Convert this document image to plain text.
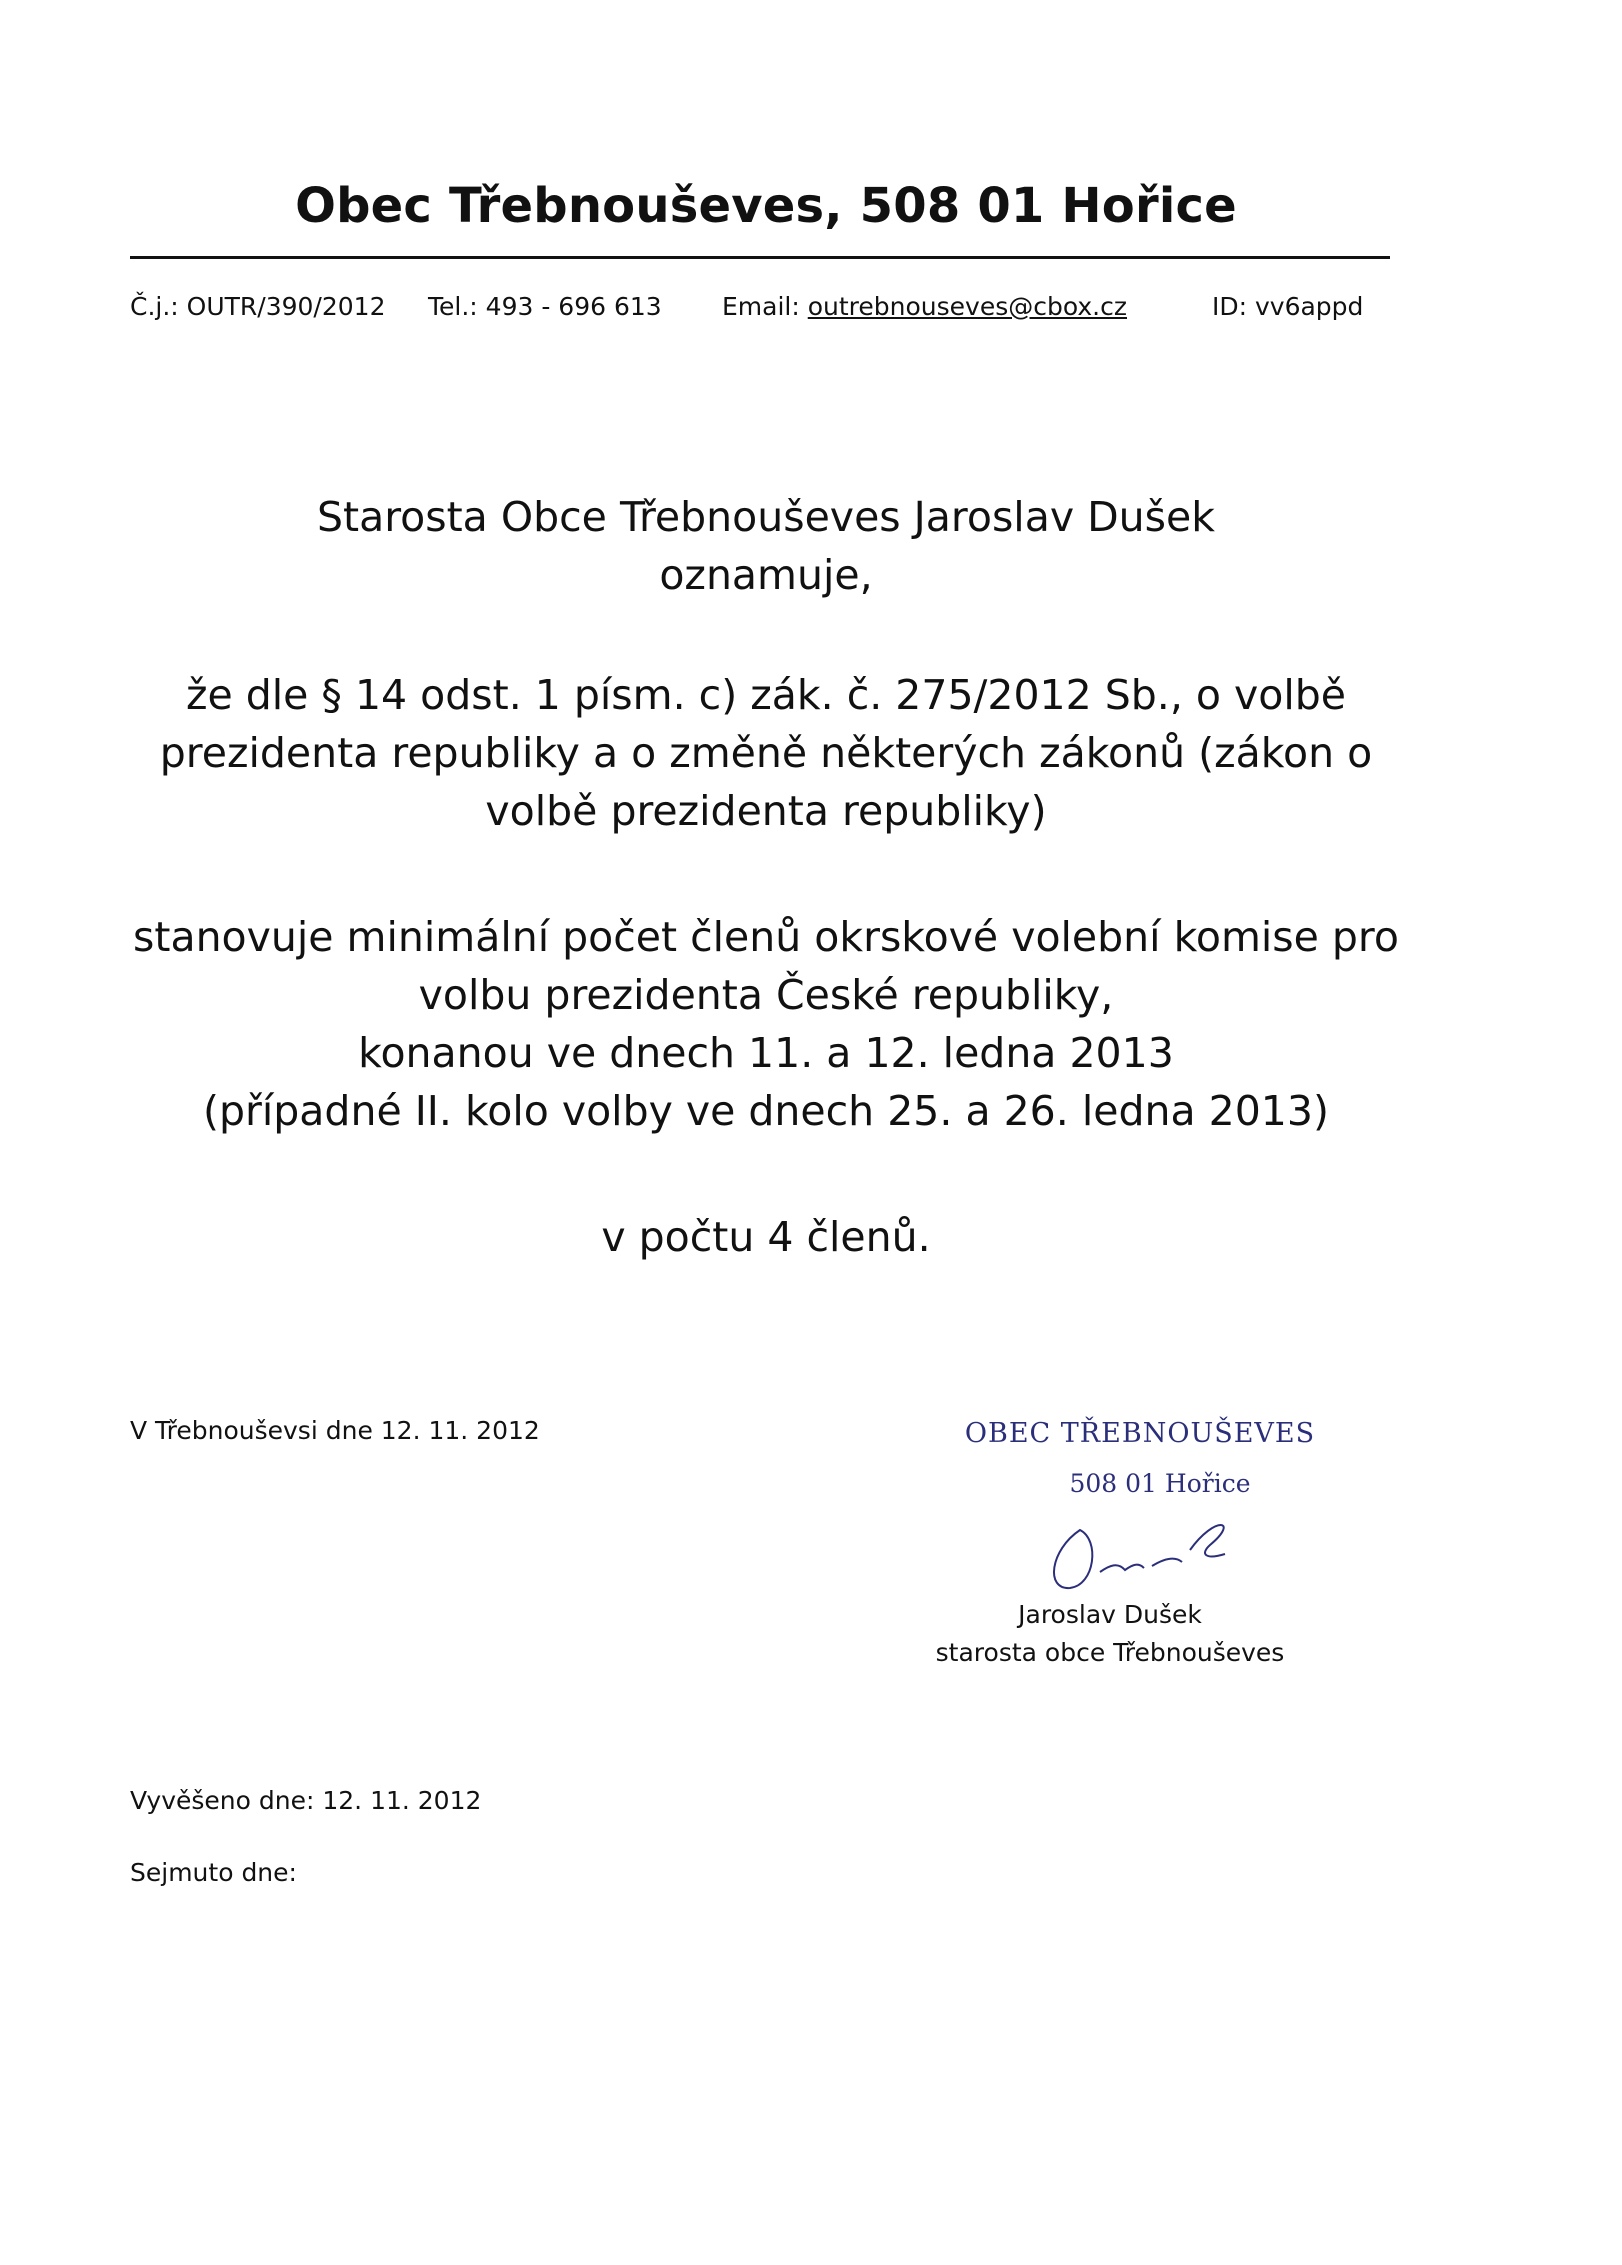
Obec Třebnouševes, 508 01 Hořice
Č.j.: OUTR/390/2012 Tel.: 493 - 696 613 Email: outrebnouseves@cbox.cz	ID: vv6appd
Starosta Obce Třebnouševes Jaroslav Dušek
oznamuje,
že dle § 14 odst. 1 písm. c) zák. č. 275/2012 Sb., o volbě
prezidenta republiky a o změně některých zákonů (zákon o
volbě prezidenta republiky)
stanovuje minimální počet členů okrskové volební komise pro
volbu prezidenta České republiky,
konanou ve dnech 11. a 12. ledna 2013
(případné II. kolo volby ve dnech 25. a 26. ledna 2013)
v počtu 4 členů.
V Třebnouševsi dne 12. 11. 2012	OBEC TŘEBNOUŠEVES
508 01 Hořice
Jaroslav Dušek
starosta obce Třebnouševes
Vyvěšeno dne: 12. 11. 2012
Sejmuto dne:
